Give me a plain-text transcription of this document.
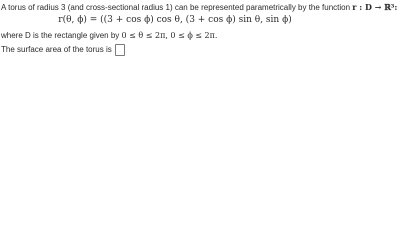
A torus of radius 3 (and cross-sectional radius 1) can be represented parametrically by the function r : D → ℝ³:
r(θ, ϕ) = ((3 + cos ϕ) cos θ, (3 + cos ϕ) sin θ, sin ϕ)
where D is the rectangle given by 0 ≤ θ ≤ 2π, 0 ≤ ϕ ≤ 2π.
The surface area of the torus is
